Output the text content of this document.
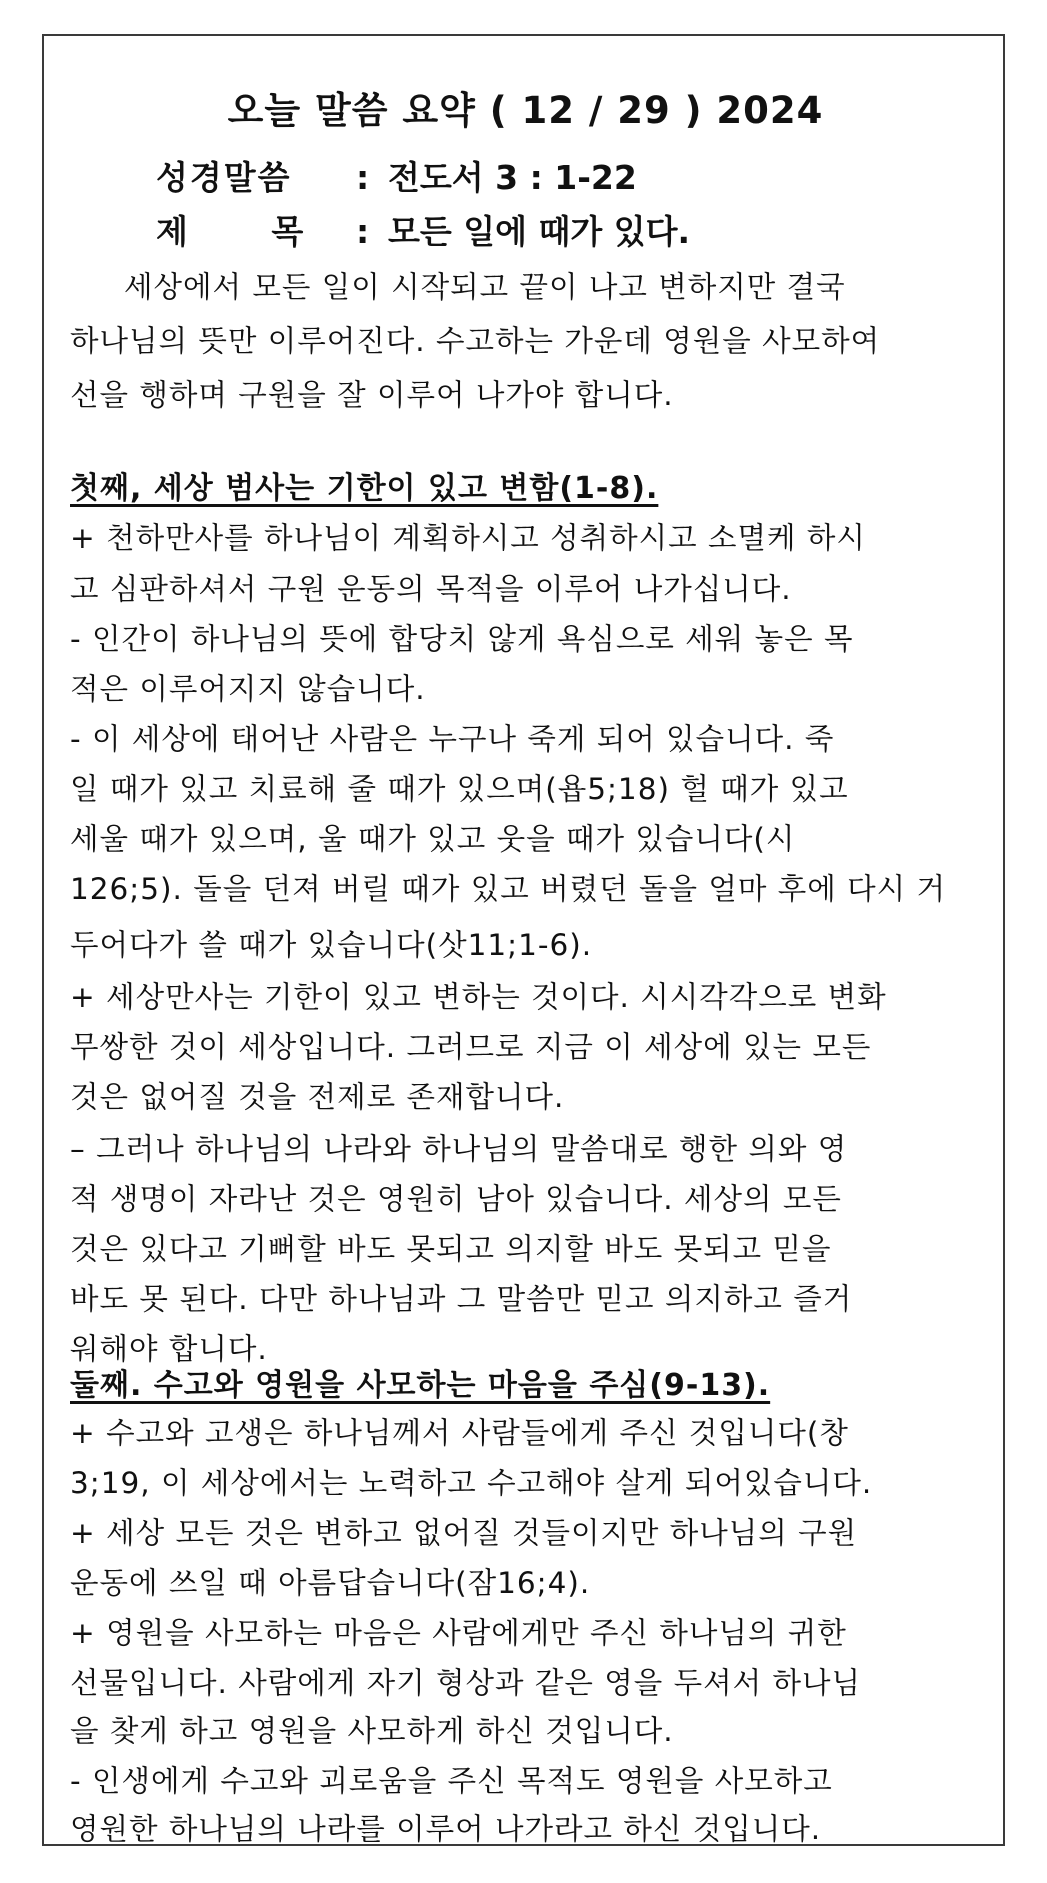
오늘 말씀 요약 ( 12 / 29 ) 2024
성경말씀 : 전도서 3 : 1-22
제 목 : 모든 일에 때가 있다.
세상에서 모든 일이 시작되고 끝이 나고 변하지만 결국
하나님의 뜻만 이루어진다. 수고하는 가운데 영원을 사모하여
선을 행하며 구원을 잘 이루어 나가야 합니다.
첫째, 세상 범사는 기한이 있고 변함(1-8).
+ 천하만사를 하나님이 계획하시고 성취하시고 소멸케 하시
고 심판하셔서 구원 운동의 목적을 이루어 나가십니다.
- 인간이 하나님의 뜻에 합당치 않게 욕심으로 세워 놓은 목
적은 이루어지지 않습니다.
- 이 세상에 태어난 사람은 누구나 죽게 되어 있습니다. 죽
일 때가 있고 치료해 줄 때가 있으며(욥5;18) 헐 때가 있고
세울 때가 있으며, 울 때가 있고 웃을 때가 있습니다(시
126;5). 돌을 던져 버릴 때가 있고 버렸던 돌을 얼마 후에 다시 거
두어다가 쓸 때가 있습니다(삿11;1-6).
+ 세상만사는 기한이 있고 변하는 것이다. 시시각각으로 변화
무쌍한 것이 세상입니다. 그러므로 지금 이 세상에 있는 모든
것은 없어질 것을 전제로 존재합니다.
– 그러나 하나님의 나라와 하나님의 말씀대로 행한 의와 영
적 생명이 자라난 것은 영원히 남아 있습니다. 세상의 모든
것은 있다고 기뻐할 바도 못되고 의지할 바도 못되고 믿을
바도 못 된다. 다만 하나님과 그 말씀만 믿고 의지하고 즐거
워해야 합니다.
둘째. 수고와 영원을 사모하는 마음을 주심(9-13).
+ 수고와 고생은 하나님께서 사람들에게 주신 것입니다(창
3;19, 이 세상에서는 노력하고 수고해야 살게 되어있습니다.
+ 세상 모든 것은 변하고 없어질 것들이지만 하나님의 구원
운동에 쓰일 때 아름답습니다(잠16;4).
+ 영원을 사모하는 마음은 사람에게만 주신 하나님의 귀한
선물입니다. 사람에게 자기 형상과 같은 영을 두셔서 하나님
을 찾게 하고 영원을 사모하게 하신 것입니다.
- 인생에게 수고와 괴로움을 주신 목적도 영원을 사모하고
영원한 하나님의 나라를 이루어 나가라고 하신 것입니다.
